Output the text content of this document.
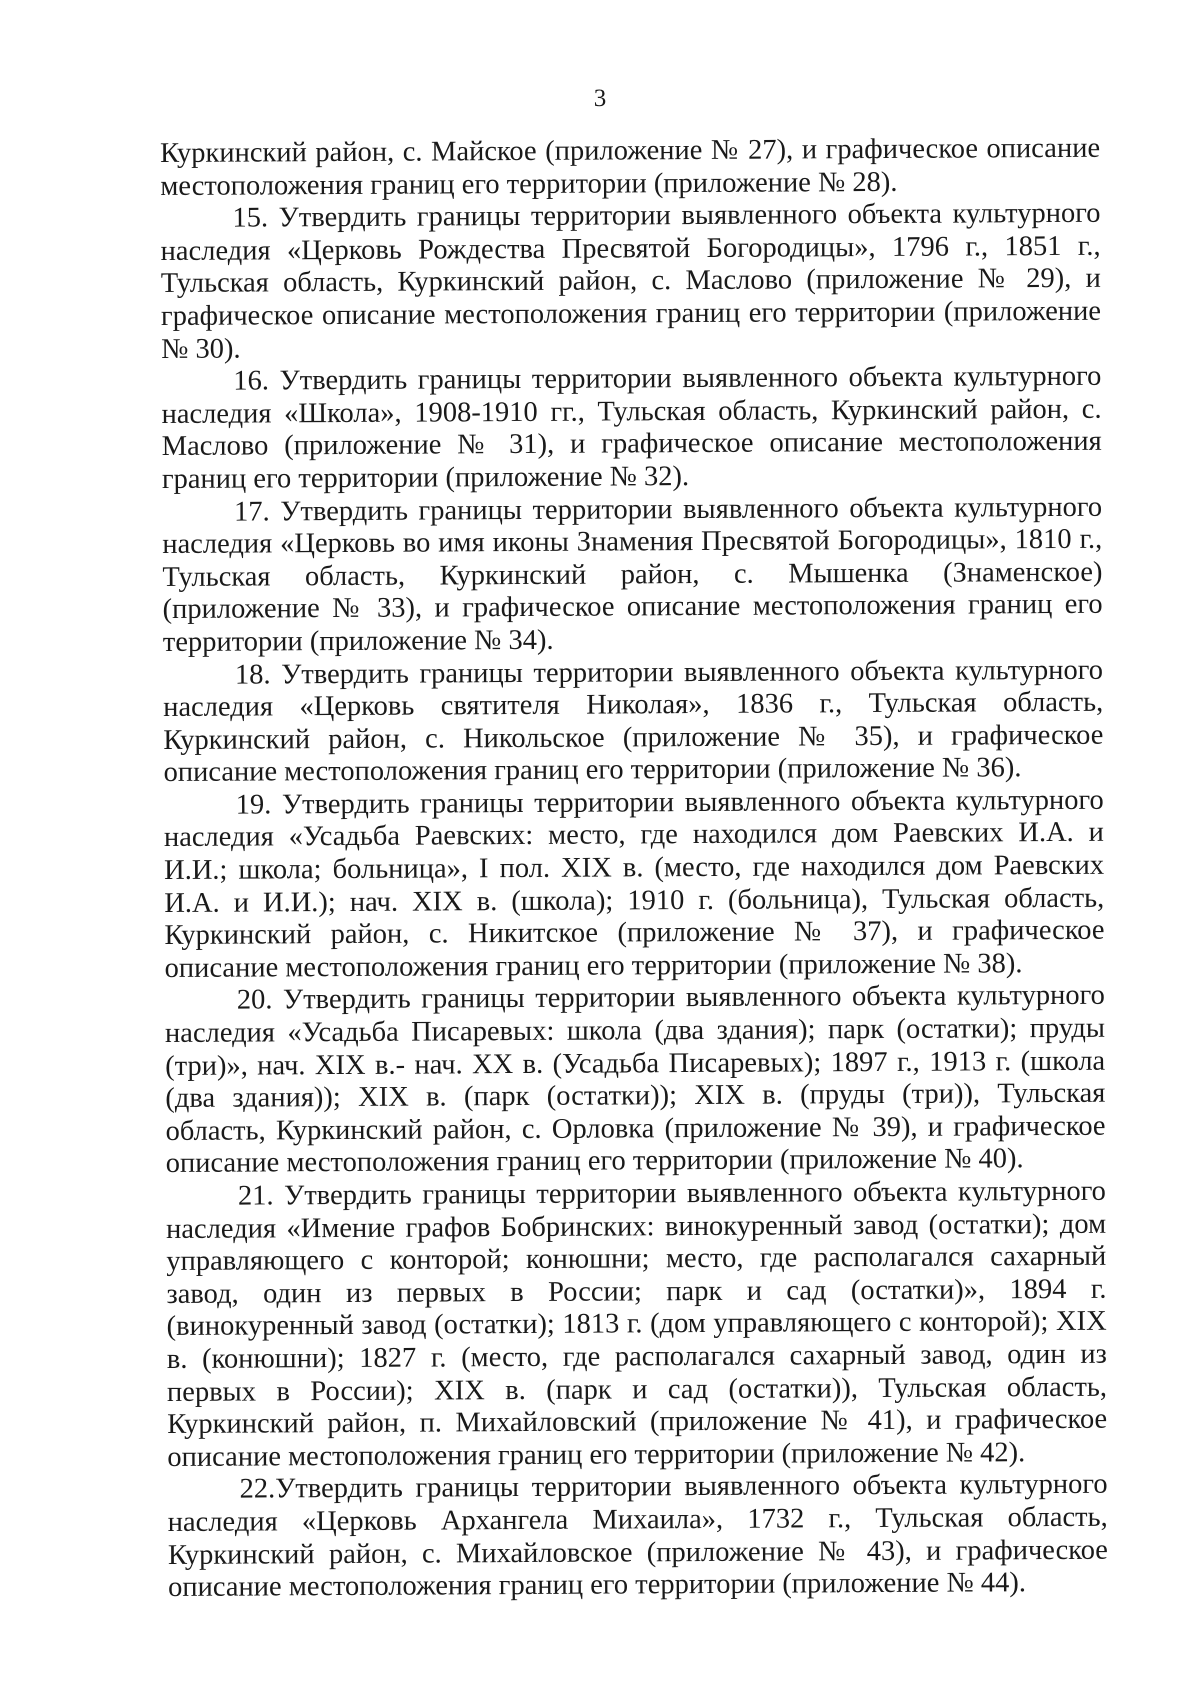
3

Куркинский район, с. Майское (приложение № 27), и графическое описание местоположения границ его территории (приложение № 28).

15. Утвердить границы территории выявленного объекта культурного наследия «Церковь Рождества Пресвятой Богородицы», 1796 г., 1851 г., Тульская область, Куркинский район, с. Маслово (приложение № 29), и графическое описание местоположения границ его территории (приложение № 30).

16. Утвердить границы территории выявленного объекта культурного наследия «Школа», 1908-1910 гг., Тульская область, Куркинский район, с. Маслово (приложение № 31), и графическое описание местоположения границ его территории (приложение № 32).

17. Утвердить границы территории выявленного объекта культурного наследия «Церковь во имя иконы Знамения Пресвятой Богородицы», 1810 г., Тульская область, Куркинский район, с. Мышенка (Знаменское) (приложение № 33), и графическое описание местоположения границ его территории (приложение № 34).

18. Утвердить границы территории выявленного объекта культурного наследия «Церковь святителя Николая», 1836 г., Тульская область, Куркинский район, с. Никольское (приложение № 35), и графическое описание местоположения границ его территории (приложение № 36).

19. Утвердить границы территории выявленного объекта культурного наследия «Усадьба Раевских: место, где находился дом Раевских И.А. и И.И.; школа; больница», I пол. XIX в. (место, где находился дом Раевских И.А. и И.И.); нач. XIX в. (школа); 1910 г. (больница), Тульская область, Куркинский район, с. Никитское (приложение № 37), и графическое описание местоположения границ его территории (приложение № 38).

20. Утвердить границы территории выявленного объекта культурного наследия «Усадьба Писаревых: школа (два здания); парк (остатки); пруды (три)», нач. XIX в.- нач. XX в. (Усадьба Писаревых); 1897 г., 1913 г. (школа (два здания)); XIX в. (парк (остатки)); XIX в. (пруды (три)), Тульская область, Куркинский район, с. Орловка (приложение № 39), и графическое описание местоположения границ его территории (приложение № 40).

21. Утвердить границы территории выявленного объекта культурного наследия «Имение графов Бобринских: винокуренный завод (остатки); дом управляющего с конторой; конюшни; место, где располагался сахарный завод, один из первых в России; парк и сад (остатки)», 1894 г. (винокуренный завод (остатки); 1813 г. (дом управляющего с конторой); XIX в. (конюшни); 1827 г. (место, где располагался сахарный завод, один из первых в России); XIX в. (парк и сад (остатки)), Тульская область, Куркинский район, п. Михайловский (приложение № 41), и графическое описание местоположения границ его территории (приложение № 42).

22.Утвердить границы территории выявленного объекта культурного наследия «Церковь Архангела Михаила», 1732 г., Тульская область, Куркинский район, с. Михайловское (приложение № 43), и графическое описание местоположения границ его территории (приложение № 44).
